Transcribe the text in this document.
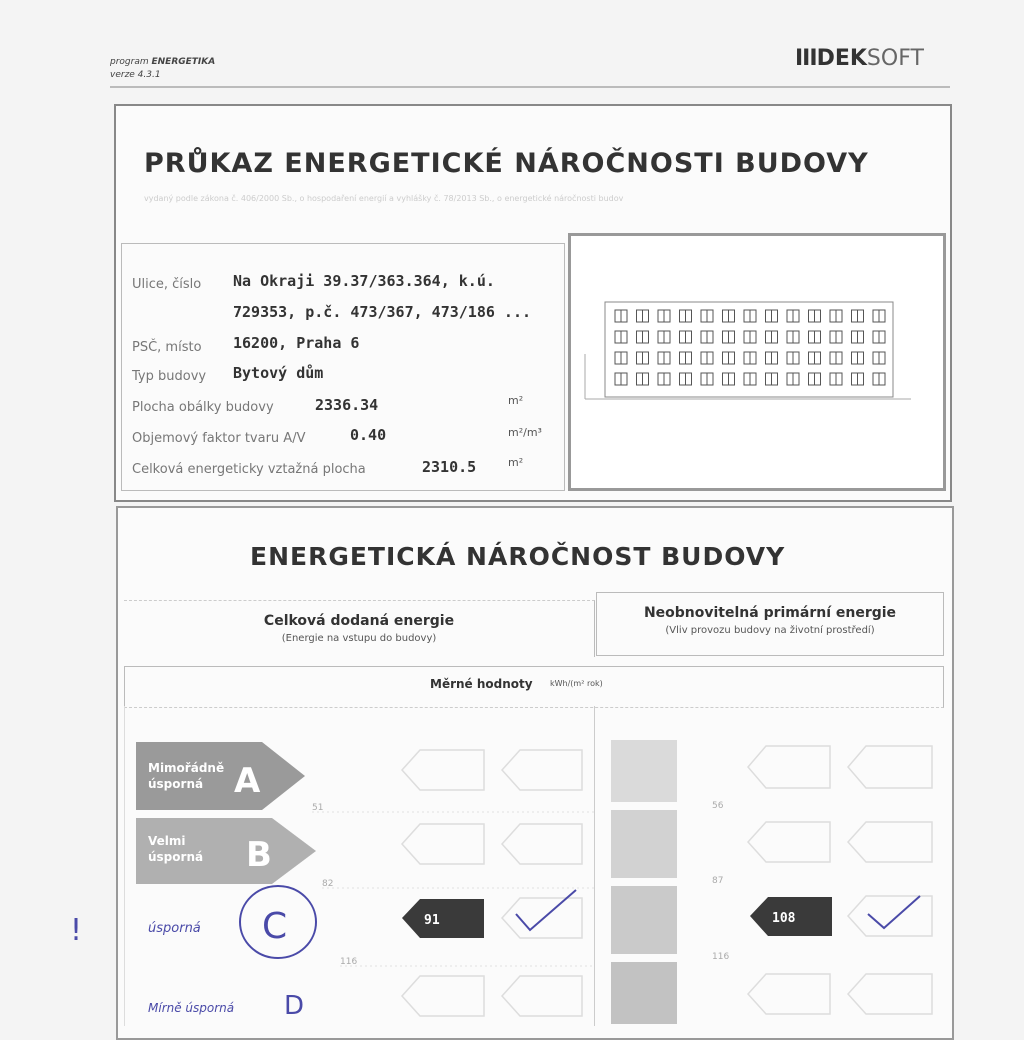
program ENERGETIKA
verze 4.3.1
IIIDEKSOFT
PRŮKAZ ENERGETICKÉ NÁROČNOSTI BUDOVY
vydaný podle zákona č. 406/2000 Sb., o hospodaření energií a vyhlášky č. 78/2013 Sb., o energetické náročnosti budov
Ulice, číslo Na Okraji 39.37/363.364, k.ú.
729353, p.č. 473/367, 473/186 ...
PSČ, místo 16200, Praha 6
Typ budovy Bytový dům
Plocha obálky budovy	2336.34	m²
Objemový faktor tvaru A/V	0.40	m²/m³
Celková energeticky vztažná plocha	2310.5	m²
ENERGETICKÁ NÁROČNOST BUDOVY
Celková dodaná energie
(Energie na vstupu do budovy)
Neobnovitelná primární energie
(Vliv provozu budovy na životní prostředí)
Měrné hodnoty kWh/(m² rok)
Mimořádně
úsporná A
Velmi
úsporná B
51
82
116
91
56
87
116
108
úsporná C
Mírně úsporná D
!
